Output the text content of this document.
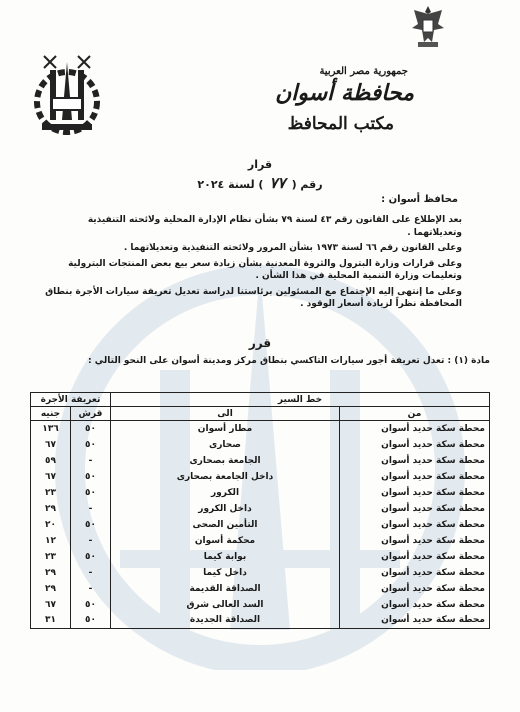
جمهورية مصر العربية
محافظة أسوان
مكتب المحافظ
قرار
رقم (٧٧) لسنة ٢٠٢٤
محافظ أسوان :

بعد الإطلاع على القانون رقم ٤٣ لسنة ٧٩ بشأن نظام الإدارة المحلية ولائحته التنفيذية وتعديلاتهما .

وعلى القانون رقم ٦٦ لسنة ١٩٧٣ بشأن المرور ولائحته التنفيذية وتعديلاتهما .

وعلى قرارات وزارة البترول والثروة المعدنية بشأن زيادة سعر بيع بعض المنتجات البترولية وتعليمات وزارة التنمية المحلية في هذا الشأن .

وعلى ما إنتهى إليه الإجتماع مع المسئولين برئاستنا لدراسة تعديل تعريفة سيارات الأجرة بنطاق المحافظة نظراً لزيادة أسعار الوقود .

قرر
مادة (١) : تعدل تعريفة أجور سيارات التاكسي بنطاق مركز ومدينة أسوان على النحو التالي :
خط السير		تعريفة الأجرة	
من	الى	قرش	جنيه
محطة سكة حديد أسوان	مطار أسوان	٥٠	١٣٦
محطة سكة حديد أسوان	صحارى	٥٠	٦٧
محطة سكة حديد أسوان	الجامعة بصحارى	-	٥٩
محطة سكة حديد أسوان	داخل الجامعة بصحارى	٥٠	٦٧
محطة سكة حديد أسوان	الكرور	٥٠	٢٣
محطة سكة حديد أسوان	داخل الكرور	-	٢٩
محطة سكة حديد أسوان	التأمين الصحى	٥٠	٢٠
محطة سكة حديد أسوان	محكمة أسوان	-	١٢
محطة سكة حديد أسوان	بوابة كيما	٥٠	٢٣
محطة سكة حديد أسوان	داخل كيما	-	٢٩
محطة سكة حديد أسوان	الصداقة القديمة	-	٢٩
محطة سكة حديد أسوان	السد العالى شرق	٥٠	٦٧
محطة سكة حديد أسوان	الصداقة الجديدة	٥٠	٣١
